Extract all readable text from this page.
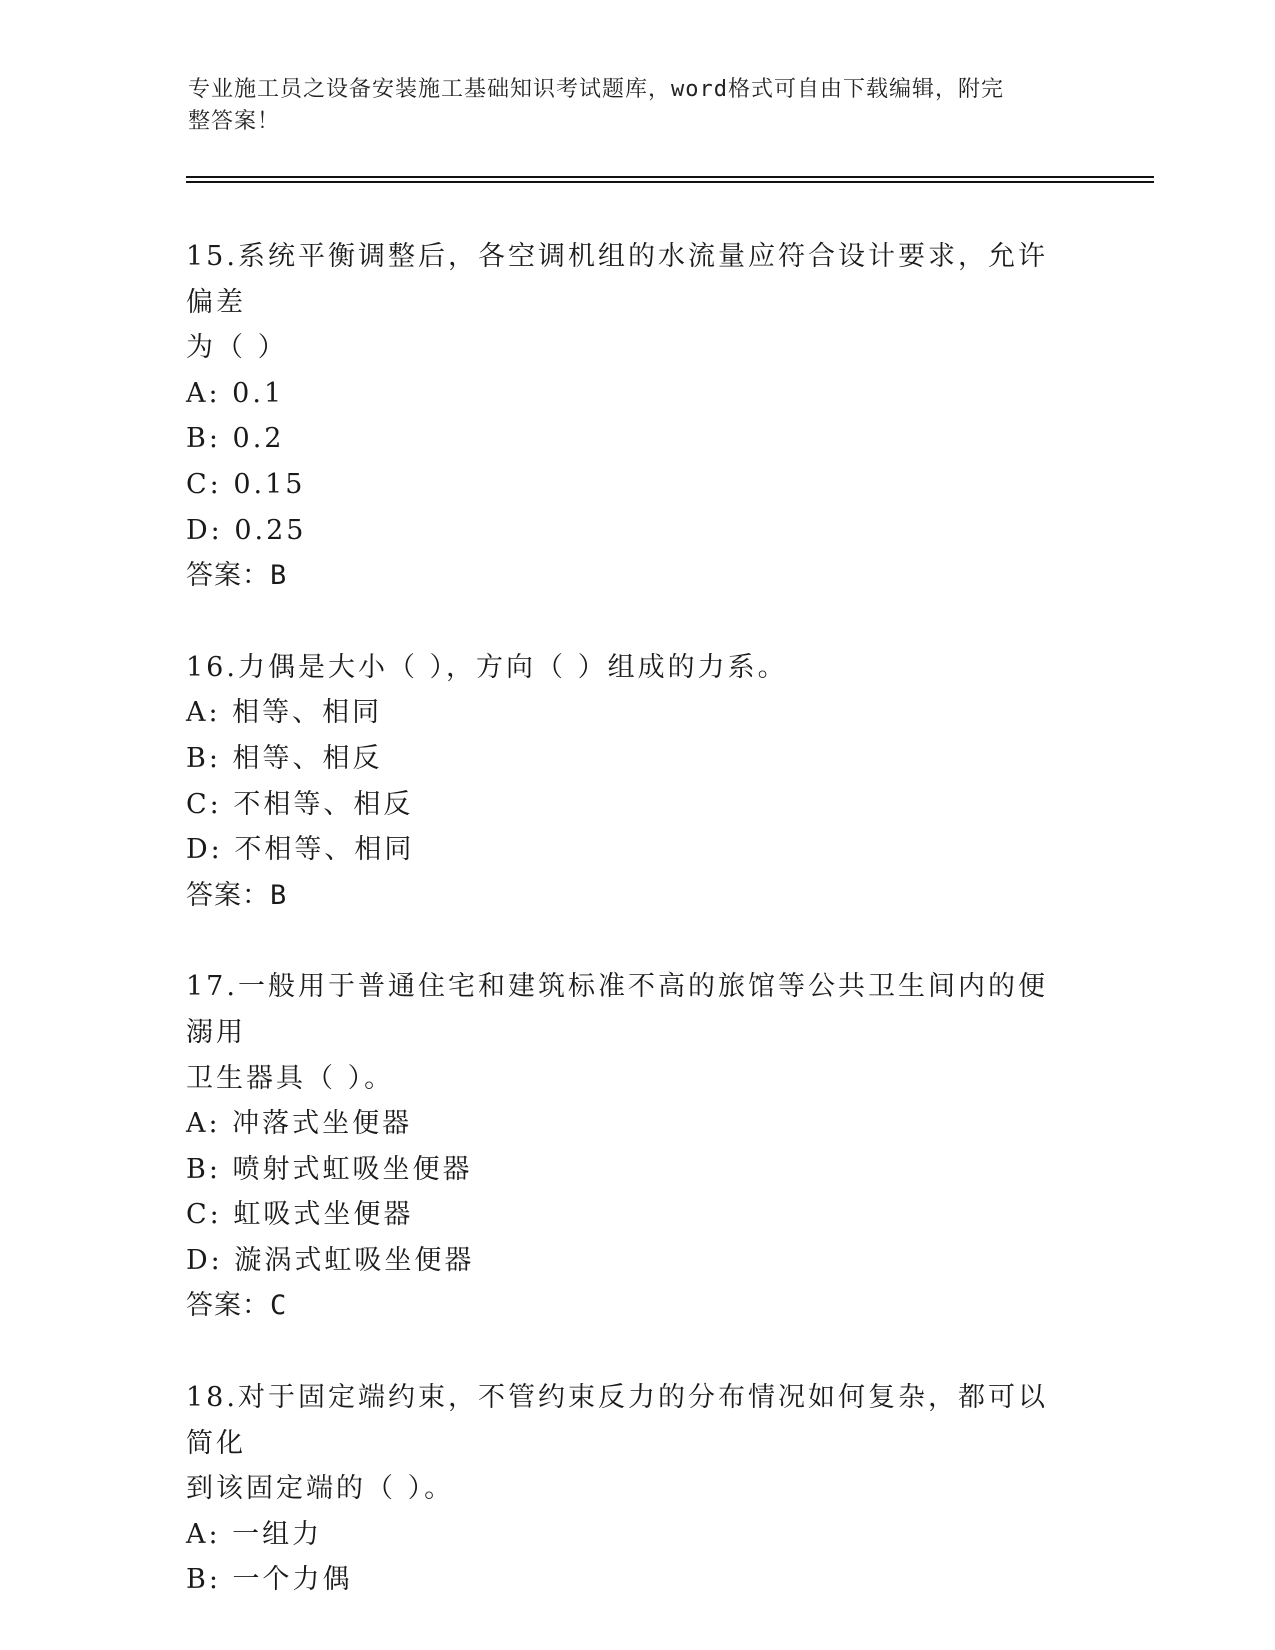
专业施工员之设备安装施工基础知识考试题库，word格式可自由下载编辑，附完
整答案！
15.系统平衡调整后，各空调机组的水流量应符合设计要求，允许偏差
为（ ）
A: 0.1
B: 0.2
C: 0.15
D: 0.25
答案：B
16.力偶是大小（ ），方向（ ）组成的力系。
A: 相等、相同
B: 相等、相反
C: 不相等、相反
D: 不相等、相同
答案：B
17.一般用于普通住宅和建筑标准不高的旅馆等公共卫生间内的便溺用
卫生器具（ ）。
A: 冲落式坐便器
B: 喷射式虹吸坐便器
C: 虹吸式坐便器
D: 漩涡式虹吸坐便器
答案：C
18.对于固定端约束，不管约束反力的分布情况如何复杂，都可以简化
到该固定端的（ ）。
A: 一组力
B: 一个力偶
